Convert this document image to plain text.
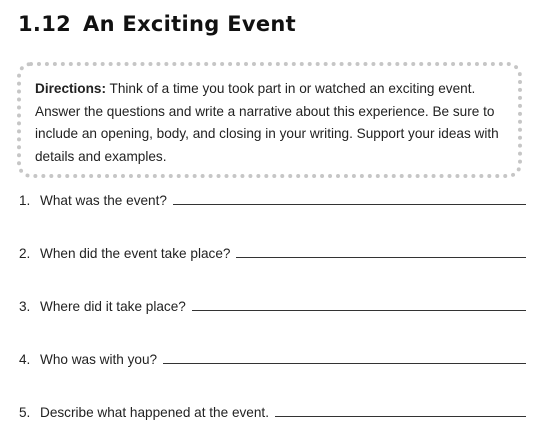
1.12 An Exciting Event
Directions: Think of a time you took part in or watched an exciting event. Answer the questions and write a narrative about this experience. Be sure to include an opening, body, and closing in your writing. Support your ideas with details and examples.
1. What was the event?
2. When did the event take place?
3. Where did it take place?
4. Who was with you?
5. Describe what happened at the event.
